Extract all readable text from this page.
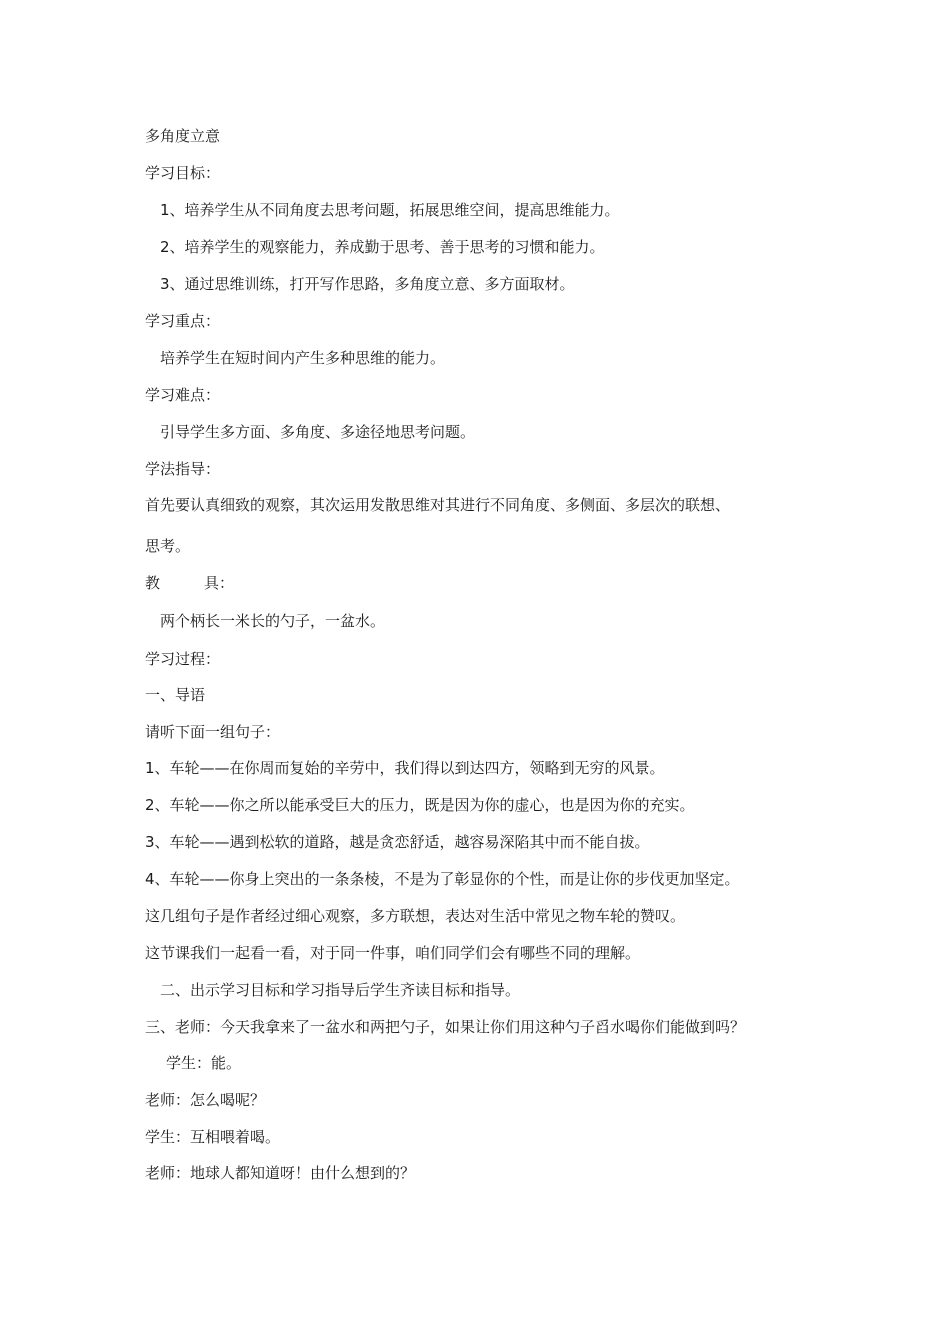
多角度立意
学习目标：
1、培养学生从不同角度去思考问题，拓展思维空间，提高思维能力。
2、培养学生的观察能力，养成勤于思考、善于思考的习惯和能力。
3、通过思维训练，打开写作思路，多角度立意、多方面取材。
学习重点：
培养学生在短时间内产生多种思维的能力。
学习难点：
引导学生多方面、多角度、多途径地思考问题。
学法指导：
首先要认真细致的观察，其次运用发散思维对其进行不同角度、多侧面、多层次的联想、
思考。
教	具：
两个柄长一米长的勺子，一盆水。
学习过程：
一、导语
请听下面一组句子：
1、车轮——在你周而复始的辛劳中，我们得以到达四方，领略到无穷的风景。
2、车轮——你之所以能承受巨大的压力，既是因为你的虚心，也是因为你的充实。
3、车轮——遇到松软的道路，越是贪恋舒适，越容易深陷其中而不能自拔。
4、车轮——你身上突出的一条条棱，不是为了彰显你的个性，而是让你的步伐更加坚定。
这几组句子是作者经过细心观察，多方联想，表达对生活中常见之物车轮的赞叹。
这节课我们一起看一看，对于同一件事，咱们同学们会有哪些不同的理解。
二、出示学习目标和学习指导后学生齐读目标和指导。
三、老师：今天我拿来了一盆水和两把勺子，如果让你们用这种勺子舀水喝你们能做到吗？
学生：能。
老师：怎么喝呢？
学生：互相喂着喝。
老师：地球人都知道呀！由什么想到的？
